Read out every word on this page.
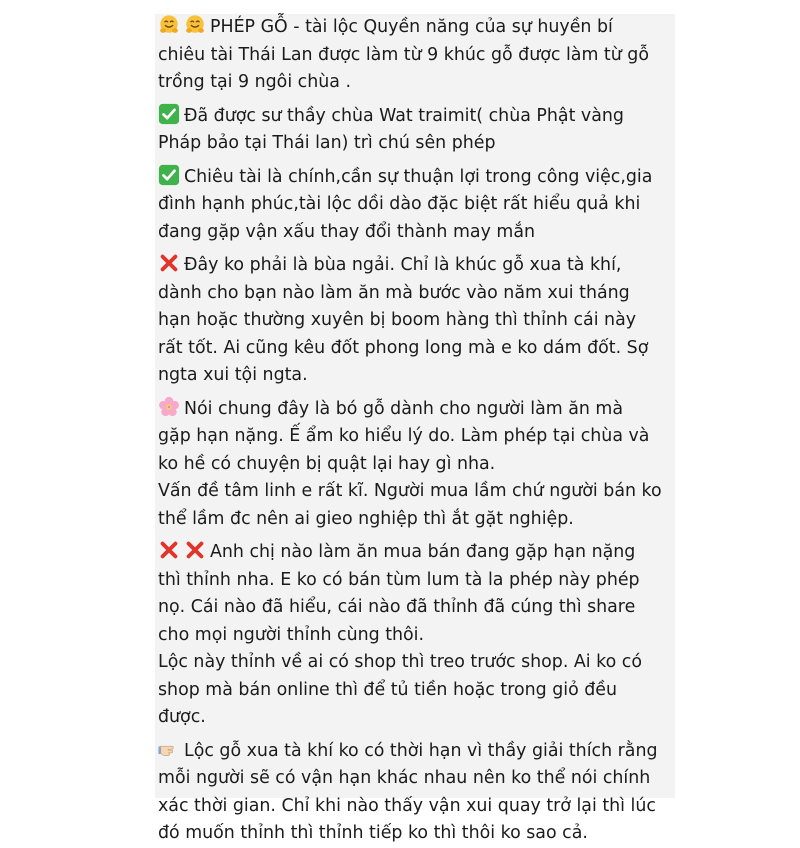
PHÉP GỖ - tài lộc Quyền năng của sự huyền bí
chiêu tài Thái Lan được làm từ 9 khúc gỗ được làm từ gỗ
trồng tại 9 ngôi chùa .
Đã được sư thầy chùa Wat traimit( chùa Phật vàng
Pháp bảo tại Thái lan) trì chú sên phép
Chiêu tài là chính,cần sự thuận lợi trong công việc,gia
đình hạnh phúc,tài lộc dồi dào đặc biệt rất hiểu quả khi
đang gặp vận xấu thay đổi thành may mắn
Đây ko phải là bùa ngải. Chỉ là khúc gỗ xua tà khí,
dành cho bạn nào làm ăn mà bước vào năm xui tháng
hạn hoặc thường xuyên bị boom hàng thì thỉnh cái này
rất tốt. Ai cũng kêu đốt phong long mà e ko dám đốt. Sợ
ngta xui tội ngta.
Nói chung đây là bó gỗ dành cho người làm ăn mà
gặp hạn nặng. Ế ẩm ko hiểu lý do. Làm phép tại chùa và
ko hề có chuyện bị quật lại hay gì nha.
Vấn đề tâm linh e rất kĩ. Người mua lầm chứ người bán ko
thể lầm đc nên ai gieo nghiệp thì ắt gặt nghiệp.
Anh chị nào làm ăn mua bán đang gặp hạn nặng
thì thỉnh nha. E ko có bán tùm lum tà la phép này phép
nọ. Cái nào đã hiểu, cái nào đã thỉnh đã cúng thì share
cho mọi người thỉnh cùng thôi.
Lộc này thỉnh về ai có shop thì treo trước shop. Ai ko có
shop mà bán online thì để tủ tiền hoặc trong giỏ đều
được.
Lộc gỗ xua tà khí ko có thời hạn vì thầy giải thích rằng
mỗi người sẽ có vận hạn khác nhau nên ko thể nói chính
xác thời gian. Chỉ khi nào thấy vận xui quay trở lại thì lúc
đó muốn thỉnh thì thỉnh tiếp ko thì thôi ko sao cả.
